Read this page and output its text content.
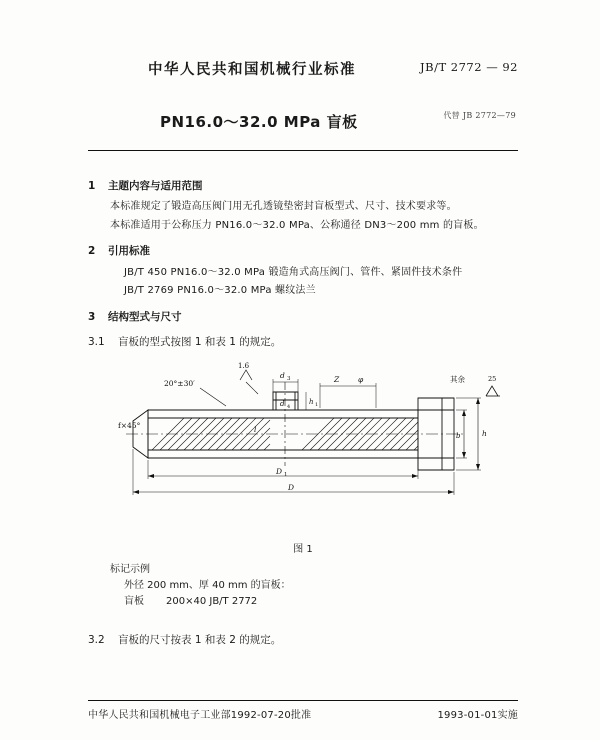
中华人民共和国机械行业标准	JB/T 2772 — 92
PN16.0～32.0 MPa 盲板	代替 JB 2772—79
1 主题内容与适用范围
本标准规定了锻造高压阀门用无孔透镜垫密封盲板型式、尺寸、技术要求等。
本标准适用于公称压力 PN16.0～32.0 MPa、公称通径 DN3～200 mm 的盲板。
2 引用标准
JB/T 450 PN16.0～32.0 MPa 锻造角式高压阀门、管件、紧固件技术条件
JB/T 2769 PN16.0～32.0 MPa 螺纹法兰
3 结构型式与尺寸
3.1 盲板的型式按图 1 和表 1 的规定。
20°±30′
f×45°
1.6
d 3
d 4
h 1
l
Z	φ
D 1
D
h
b
其余	25
图 1
标记示例
外径 200 mm、厚 40 mm 的盲板：
盲板 200×40 JB/T 2772
3.2 盲板的尺寸按表 1 和表 2 的规定。
中华人民共和国机械电子工业部1992-07-20批准	1993-01-01实施
